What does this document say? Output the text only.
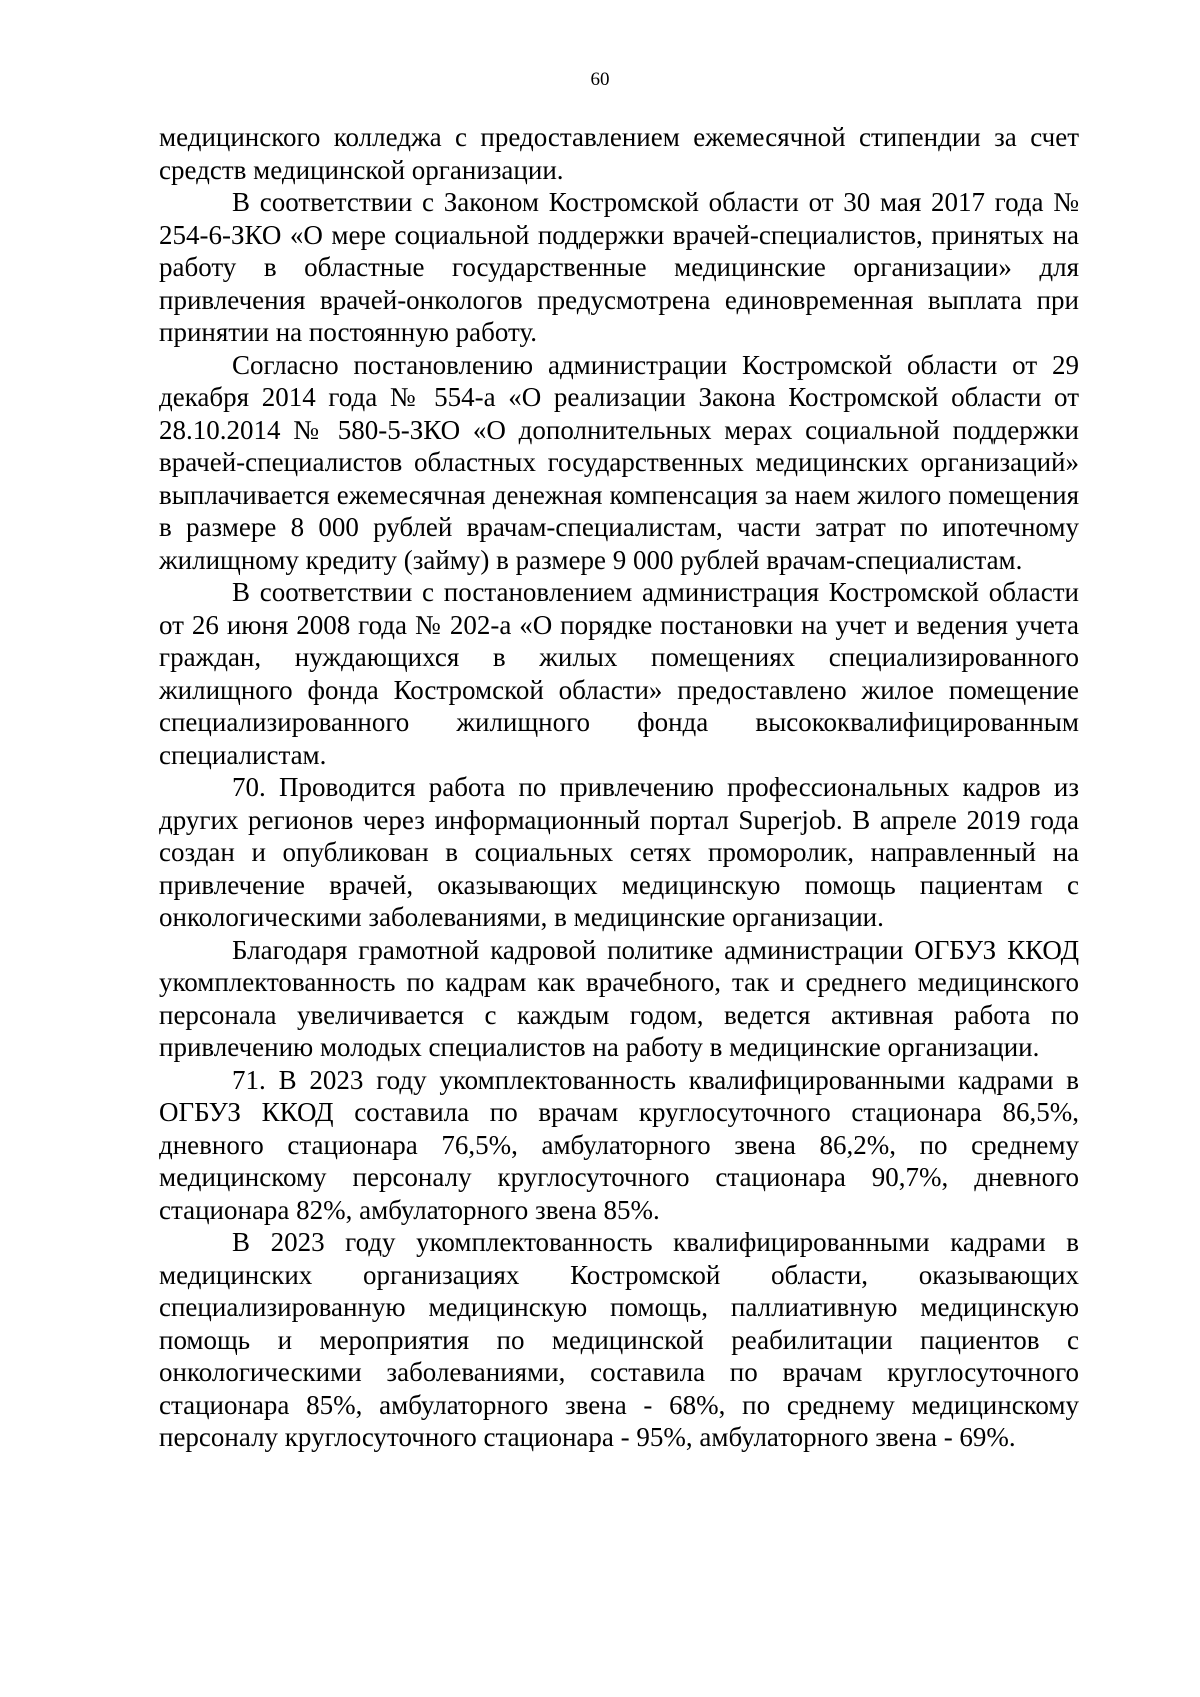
60

медицинского колледжа с предоставлением ежемесячной стипендии за счет средств медицинской организации.

В соответствии с Законом Костромской области от 30 мая 2017 года № 254-6-ЗКО «О мере социальной поддержки врачей-специалистов, принятых на работу в областные государственные медицинские организации» для привлечения врачей-онкологов предусмотрена единовременная выплата при принятии на постоянную работу.

Согласно постановлению администрации Костромской области от 29 декабря 2014 года № 554-а «О реализации Закона Костромской области от 28.10.2014 № 580-5-ЗКО «О дополнительных мерах социальной поддержки врачей-специалистов областных государственных медицинских организаций» выплачивается ежемесячная денежная компенсация за наем жилого помещения в размере 8 000 рублей врачам-специалистам, части затрат по ипотечному жилищному кредиту (займу) в размере 9 000 рублей врачам-специалистам.

В соответствии с постановлением администрация Костромской области от 26 июня 2008 года № 202-а «О порядке постановки на учет и ведения учета граждан, нуждающихся в жилых помещениях специализированного жилищного фонда Костромской области» предоставлено жилое помещение специализированного жилищного фонда высококвалифицированным специалистам.

70. Проводится работа по привлечению профессиональных кадров из других регионов через информационный портал Superjob. В апреле 2019 года создан и опубликован в социальных сетях проморолик, направленный на привлечение врачей, оказывающих медицинскую помощь пациентам с онкологическими заболеваниями, в медицинские организации.

Благодаря грамотной кадровой политике администрации ОГБУЗ ККОД укомплектованность по кадрам как врачебного, так и среднего медицинского персонала увеличивается с каждым годом, ведется активная работа по привлечению молодых специалистов на работу в медицинские организации.

71. В 2023 году укомплектованность квалифицированными кадрами в ОГБУЗ ККОД составила по врачам круглосуточного стационара 86,5%, дневного стационара 76,5%, амбулаторного звена 86,2%, по среднему медицинскому персоналу круглосуточного стационара 90,7%, дневного стационара 82%, амбулаторного звена 85%.

В 2023 году укомплектованность квалифицированными кадрами в медицинских организациях Костромской области, оказывающих специализированную медицинскую помощь, паллиативную медицинскую помощь и мероприятия по медицинской реабилитации пациентов с онкологическими заболеваниями, составила по врачам круглосуточного стационара 85%, амбулаторного звена - 68%, по среднему медицинскому персоналу круглосуточного стационара - 95%, амбулаторного звена - 69%.
